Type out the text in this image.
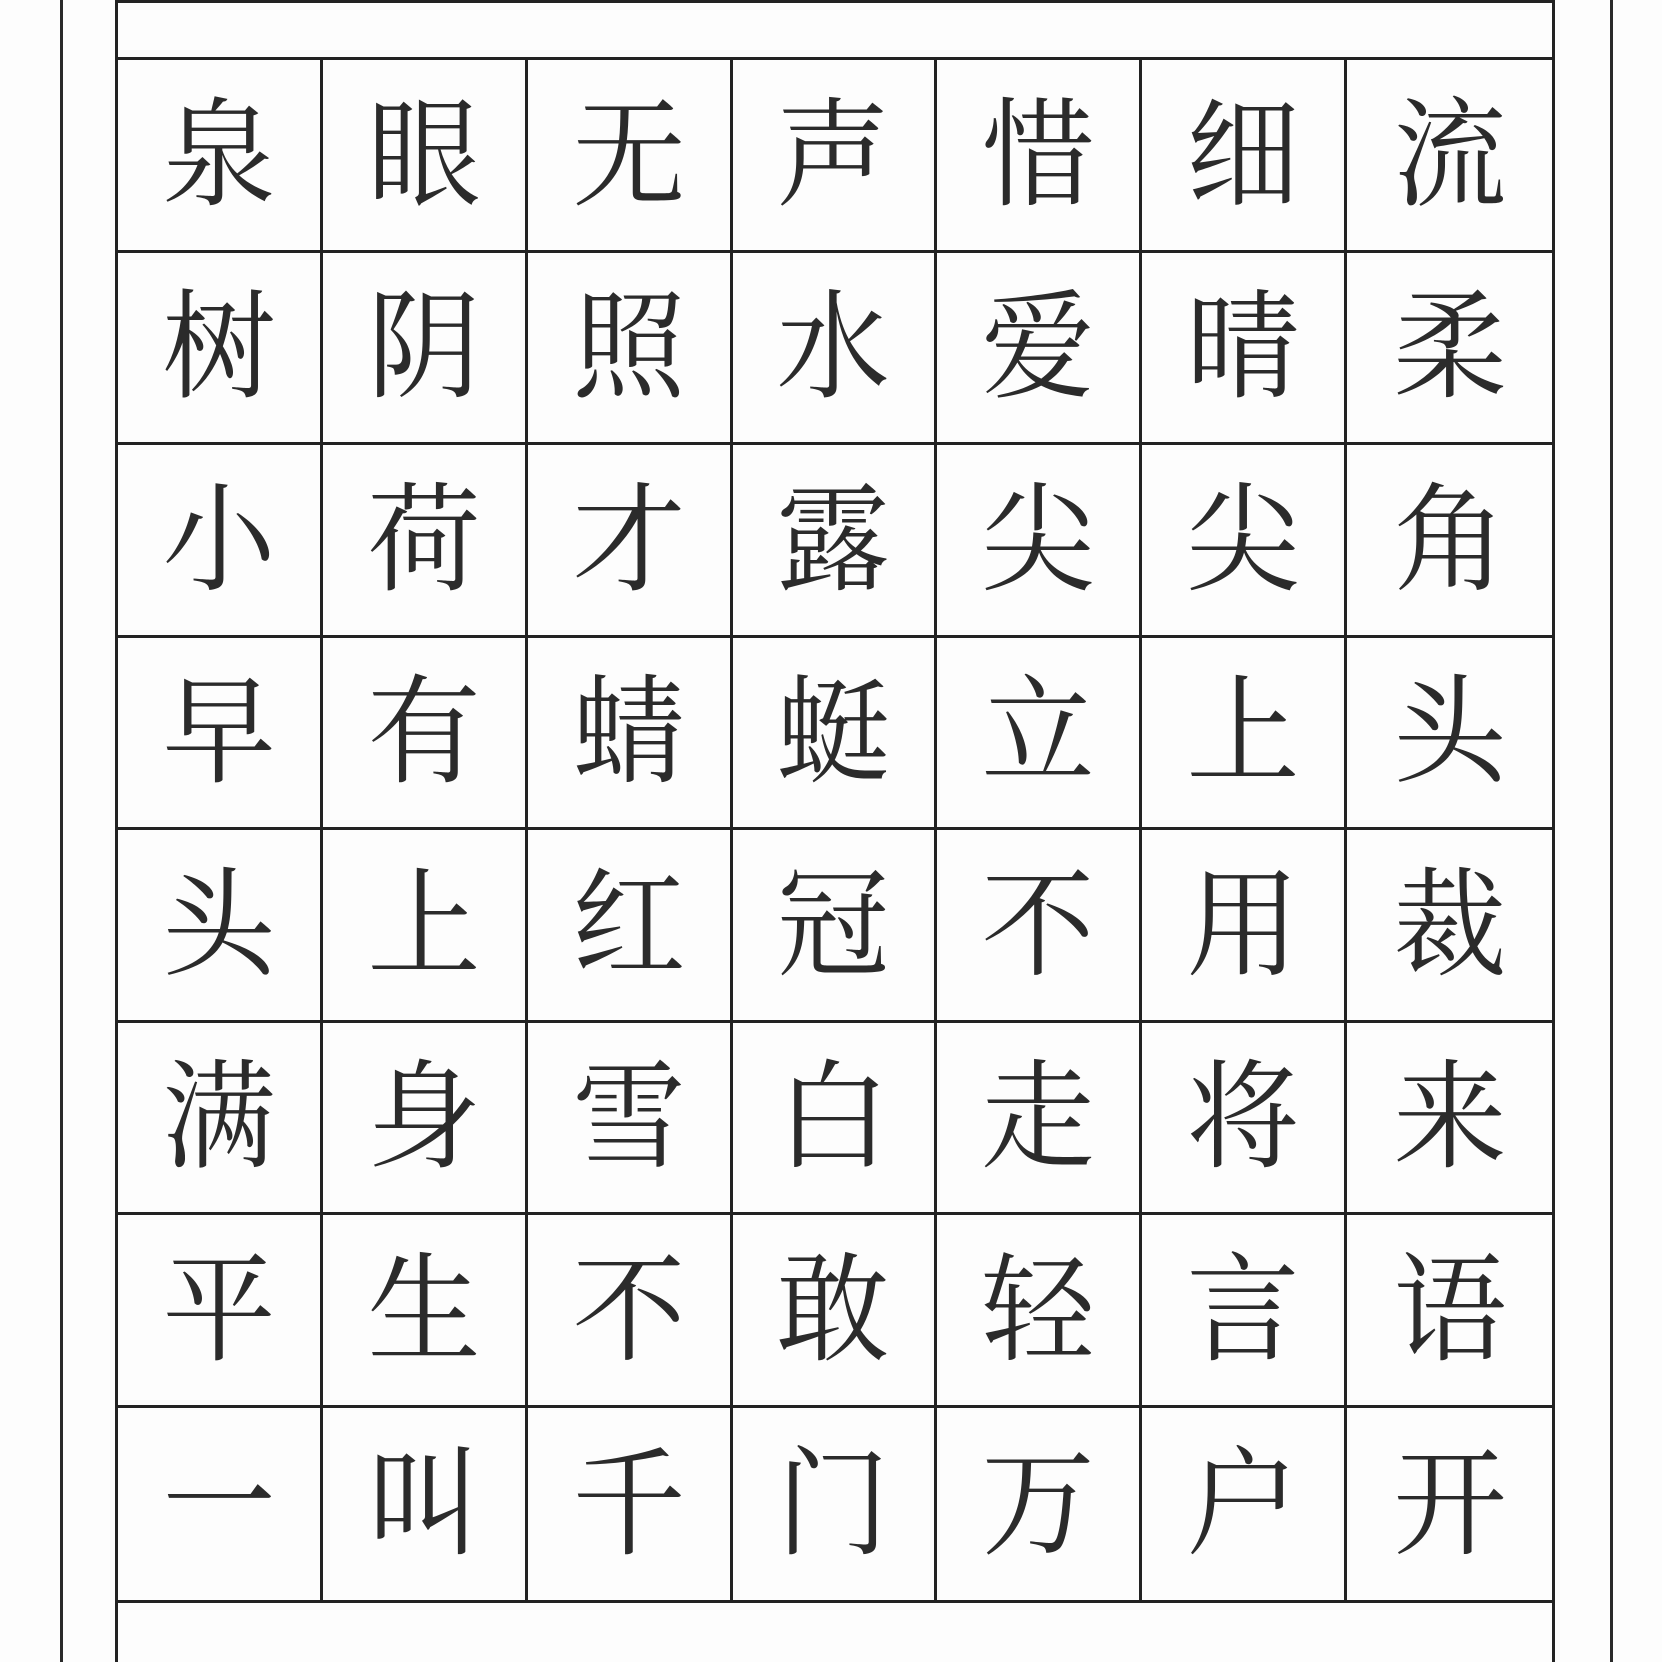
泉 眼 无 声 惜 细 流
树 阴 照 水 爱 晴 柔
小 荷 才 露 尖 尖 角
早 有 蜻 蜓 立 上 头
头 上 红 冠 不 用 裁
满 身 雪 白 走 将 来
平 生 不 敢 轻 言 语
一 叫 千 门 万 户 开
